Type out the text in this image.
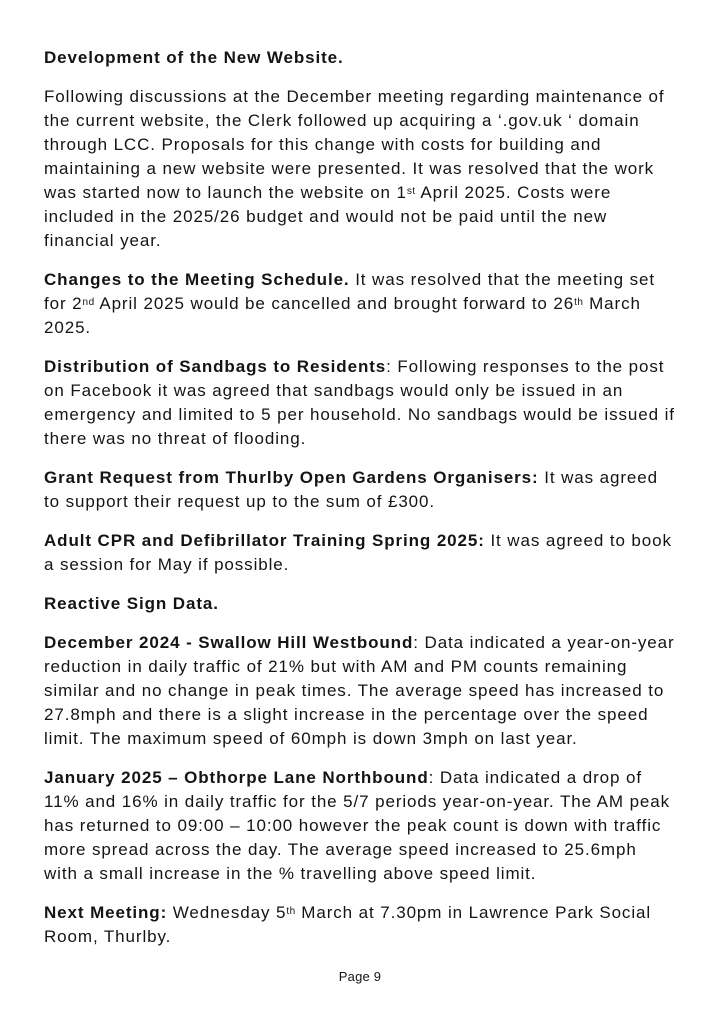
Development of the New Website.

Following discussions at the December meeting regarding maintenance of the current website, the Clerk followed up acquiring a ‘.gov.uk ‘ domain through LCC. Proposals for this change with costs for building and maintaining a new website were presented. It was resolved that the work was started now to launch the website on 1st April 2025. Costs were included in the 2025/26 budget and would not be paid until the new financial year.

Changes to the Meeting Schedule. It was resolved that the meeting set for 2nd April 2025 would be cancelled and brought forward to 26th March 2025.

Distribution of Sandbags to Residents: Following responses to the post on Facebook it was agreed that sandbags would only be issued in an emergency and limited to 5 per household. No sandbags would be issued if there was no threat of flooding.

Grant Request from Thurlby Open Gardens Organisers: It was agreed to support their request up to the sum of £300.

Adult CPR and Defibrillator Training Spring 2025: It was agreed to book a session for May if possible.

Reactive Sign Data.

December 2024 - Swallow Hill Westbound: Data indicated a year-on-year reduction in daily traffic of 21% but with AM and PM counts remaining similar and no change in peak times. The average speed has increased to 27.8mph and there is a slight increase in the percentage over the speed limit. The maximum speed of 60mph is down 3mph on last year.

January 2025 – Obthorpe Lane Northbound: Data indicated a drop of 11% and 16% in daily traffic for the 5/7 periods year-on-year. The AM peak has returned to 09:00 – 10:00 however the peak count is down with traffic more spread across the day. The average speed increased to 25.6mph with a small increase in the % travelling above speed limit.

Next Meeting: Wednesday 5th March at 7.30pm in Lawrence Park Social Room, Thurlby.

Page 9
